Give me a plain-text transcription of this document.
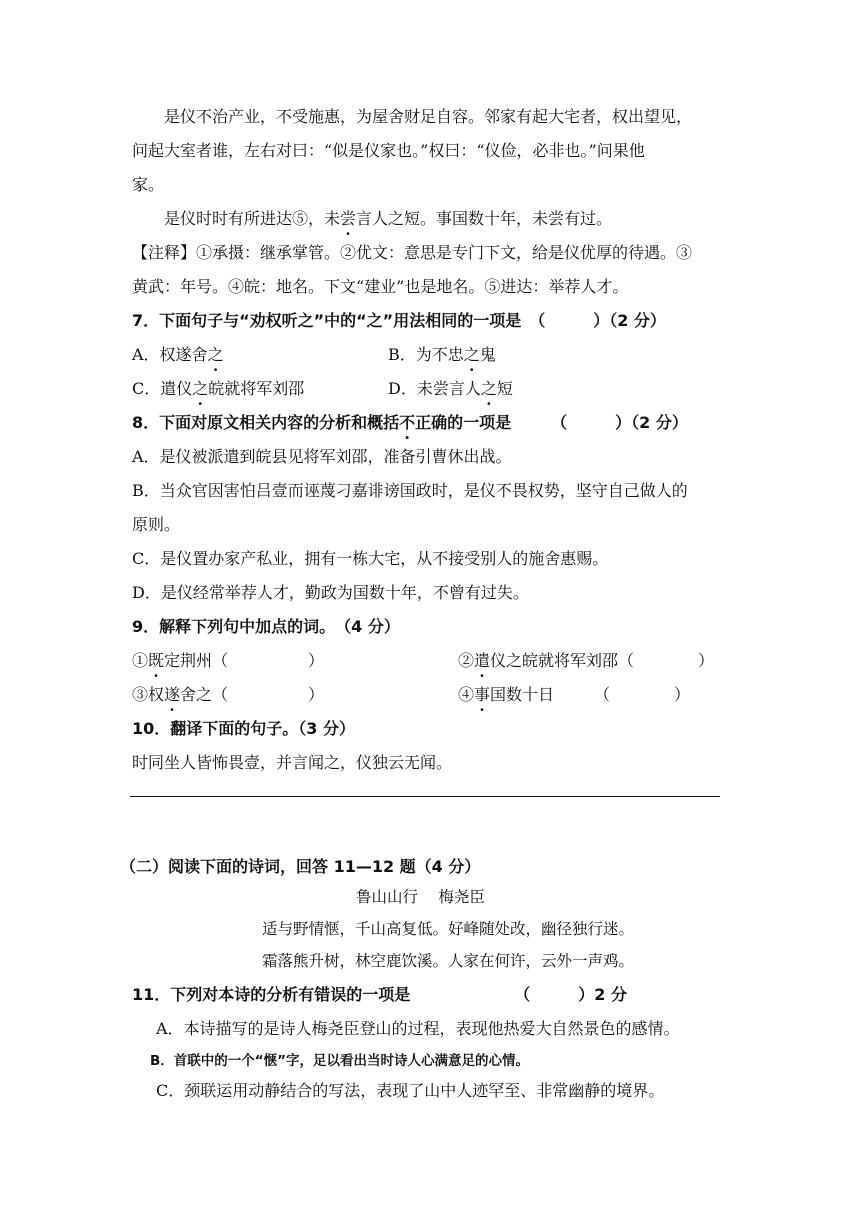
是仪不治产业，不受施惠，为屋舍财足自容。邻家有起大宅者，权出望见，
问起大室者谁，左右对曰：“似是仪家也。”权曰：“仪俭，必非也。”问果他
家。
是仪时时有所进达⑤，未尝言人之短。事国数十年，未尝有过。
【注释】①承摄：继承掌管。②优文：意思是专门下文，给是仪优厚的待遇。③
黄武：年号。④皖：地名。下文“建业”也是地名。⑤进达：举荐人才。
7．下面句子与“劝权听之”中的“之”用法相同的一项是　（　　　）（2 分）
A．权遂舍之	B．为不忠之鬼
C．遣仪之皖就将军刘邵	D．未尝言人之短
8．下面对原文相关内容的分析和概括不正确的一项是　　　（　　　）（2 分）
A．是仪被派遣到皖县见将军刘邵，准备引曹休出战。
B．当众官因害怕吕壹而诬蔑刁嘉诽谤国政时，是仪不畏权势，坚守自己做人的
原则。
C．是仪置办家产私业，拥有一栋大宅，从不接受别人的施舍惠赐。
D．是仪经常举荐人才，勤政为国数十年，不曾有过失。
9．解释下列句中加点的词。　（4 分）
①既定荆州（　　　　　）	②遣仪之皖就将军刘邵（　　　　）
③权遂舍之（　　　　　）	④事国数十日　　　（　　　　）
10．翻译下面的句子。（3 分）
时同坐人皆怖畏壹，并言闻之，仪独云无闻。
（二）阅读下面的诗词，回答 11—12 题（4 分）
鲁山山行　 梅尧臣
适与野情惬，千山高复低。好峰随处改，幽径独行迷。
霜落熊升树，林空鹿饮溪。人家在何许，云外一声鸡。
11．下列对本诗的分析有错误的一项是　　　　　　　（　　　）2 分
A．本诗描写的是诗人梅尧臣登山的过程，表现他热爱大自然景色的感情。
B．首联中的一个“惬”字，足以看出当时诗人心满意足的心情。
C．颈联运用动静结合的写法，表现了山中人迹罕至、非常幽静的境界。
